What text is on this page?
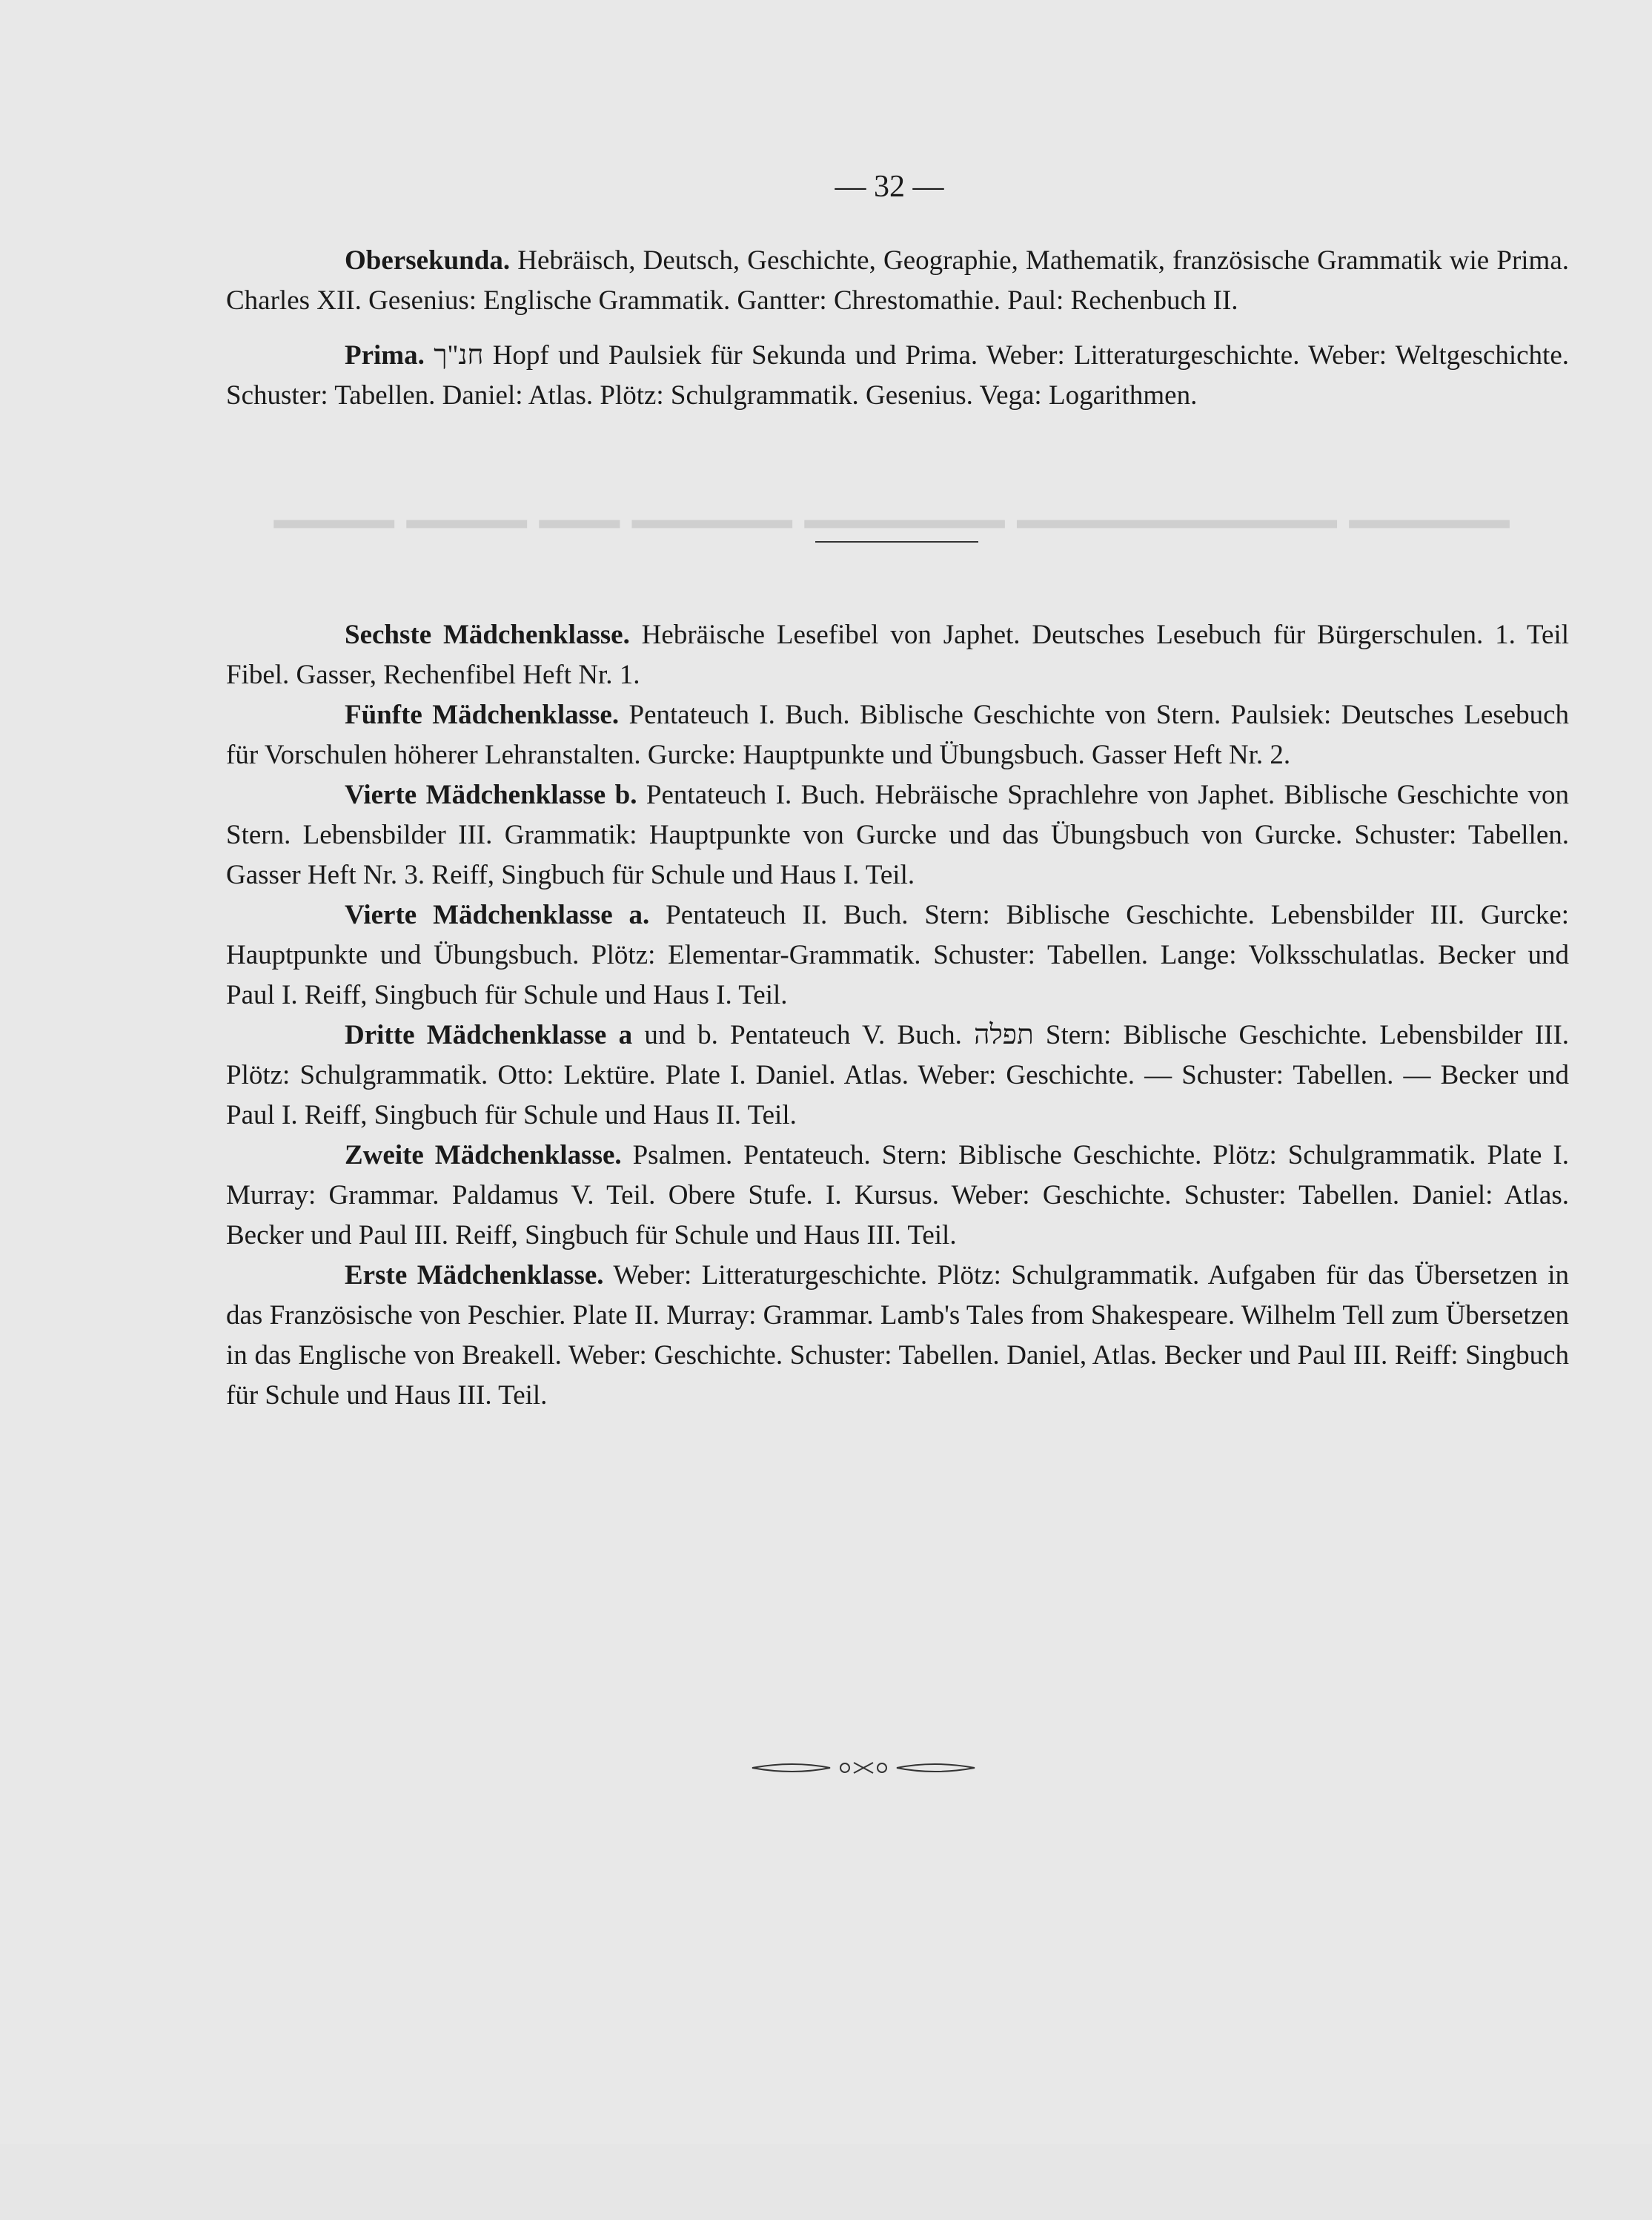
▁▁▁ ▁▁▁ ▁▁ ▁▁▁▁ ▁▁▁▁▁ ▁▁▁▁▁▁▁▁ ▁▁▁▁
— 32 —

Obersekunda. Hebräisch, Deutsch, Geschichte, Geographie, Mathematik, französische Grammatik wie Prima. Charles XII. Gesenius: Englische Grammatik. Gantter: Chrestomathie. Paul: Rechenbuch II.

Prima. חנ"ך Hopf und Paulsiek für Sekunda und Prima. Weber: Litteraturgeschichte. Weber: Weltgeschichte. Schuster: Tabellen. Daniel: Atlas. Plötz: Schulgrammatik. Gesenius. Vega: Logarithmen.

Sechste Mädchenklasse. Hebräische Lesefibel von Japhet. Deutsches Lesebuch für Bürgerschulen. 1. Teil Fibel. Gasser, Rechenfibel Heft Nr. 1.

Fünfte Mädchenklasse. Pentateuch I. Buch. Biblische Geschichte von Stern. Paulsiek: Deutsches Lesebuch für Vorschulen höherer Lehranstalten. Gurcke: Hauptpunkte und Übungsbuch. Gasser Heft Nr. 2.

Vierte Mädchenklasse b. Pentateuch I. Buch. Hebräische Sprachlehre von Japhet. Biblische Geschichte von Stern. Lebensbilder III. Grammatik: Hauptpunkte von Gurcke und das Übungsbuch von Gurcke. Schuster: Tabellen. Gasser Heft Nr. 3. Reiff, Singbuch für Schule und Haus I. Teil.

Vierte Mädchenklasse a. Pentateuch II. Buch. Stern: Biblische Geschichte. Lebensbilder III. Gurcke: Hauptpunkte und Übungsbuch. Plötz: Elementar-Grammatik. Schuster: Tabellen. Lange: Volksschulatlas. Becker und Paul I. Reiff, Singbuch für Schule und Haus I. Teil.

Dritte Mädchenklasse a und b. Pentateuch V. Buch. תפלה Stern: Biblische Geschichte. Lebensbilder III. Plötz: Schulgrammatik. Otto: Lektüre. Plate I. Daniel. Atlas. Weber: Geschichte. — Schuster: Tabellen. — Becker und Paul I. Reiff, Singbuch für Schule und Haus II. Teil.

Zweite Mädchenklasse. Psalmen. Pentateuch. Stern: Biblische Geschichte. Plötz: Schulgrammatik. Plate I. Murray: Grammar. Paldamus V. Teil. Obere Stufe. I. Kursus. Weber: Geschichte. Schuster: Tabellen. Daniel: Atlas. Becker und Paul III. Reiff, Singbuch für Schule und Haus III. Teil.

Erste Mädchenklasse. Weber: Litteraturgeschichte. Plötz: Schulgrammatik. Aufgaben für das Übersetzen in das Französische von Peschier. Plate II. Murray: Grammar. Lamb's Tales from Shakespeare. Wilhelm Tell zum Übersetzen in das Englische von Breakell. Weber: Geschichte. Schuster: Tabellen. Daniel, Atlas. Becker und Paul III. Reiff: Singbuch für Schule und Haus III. Teil.
